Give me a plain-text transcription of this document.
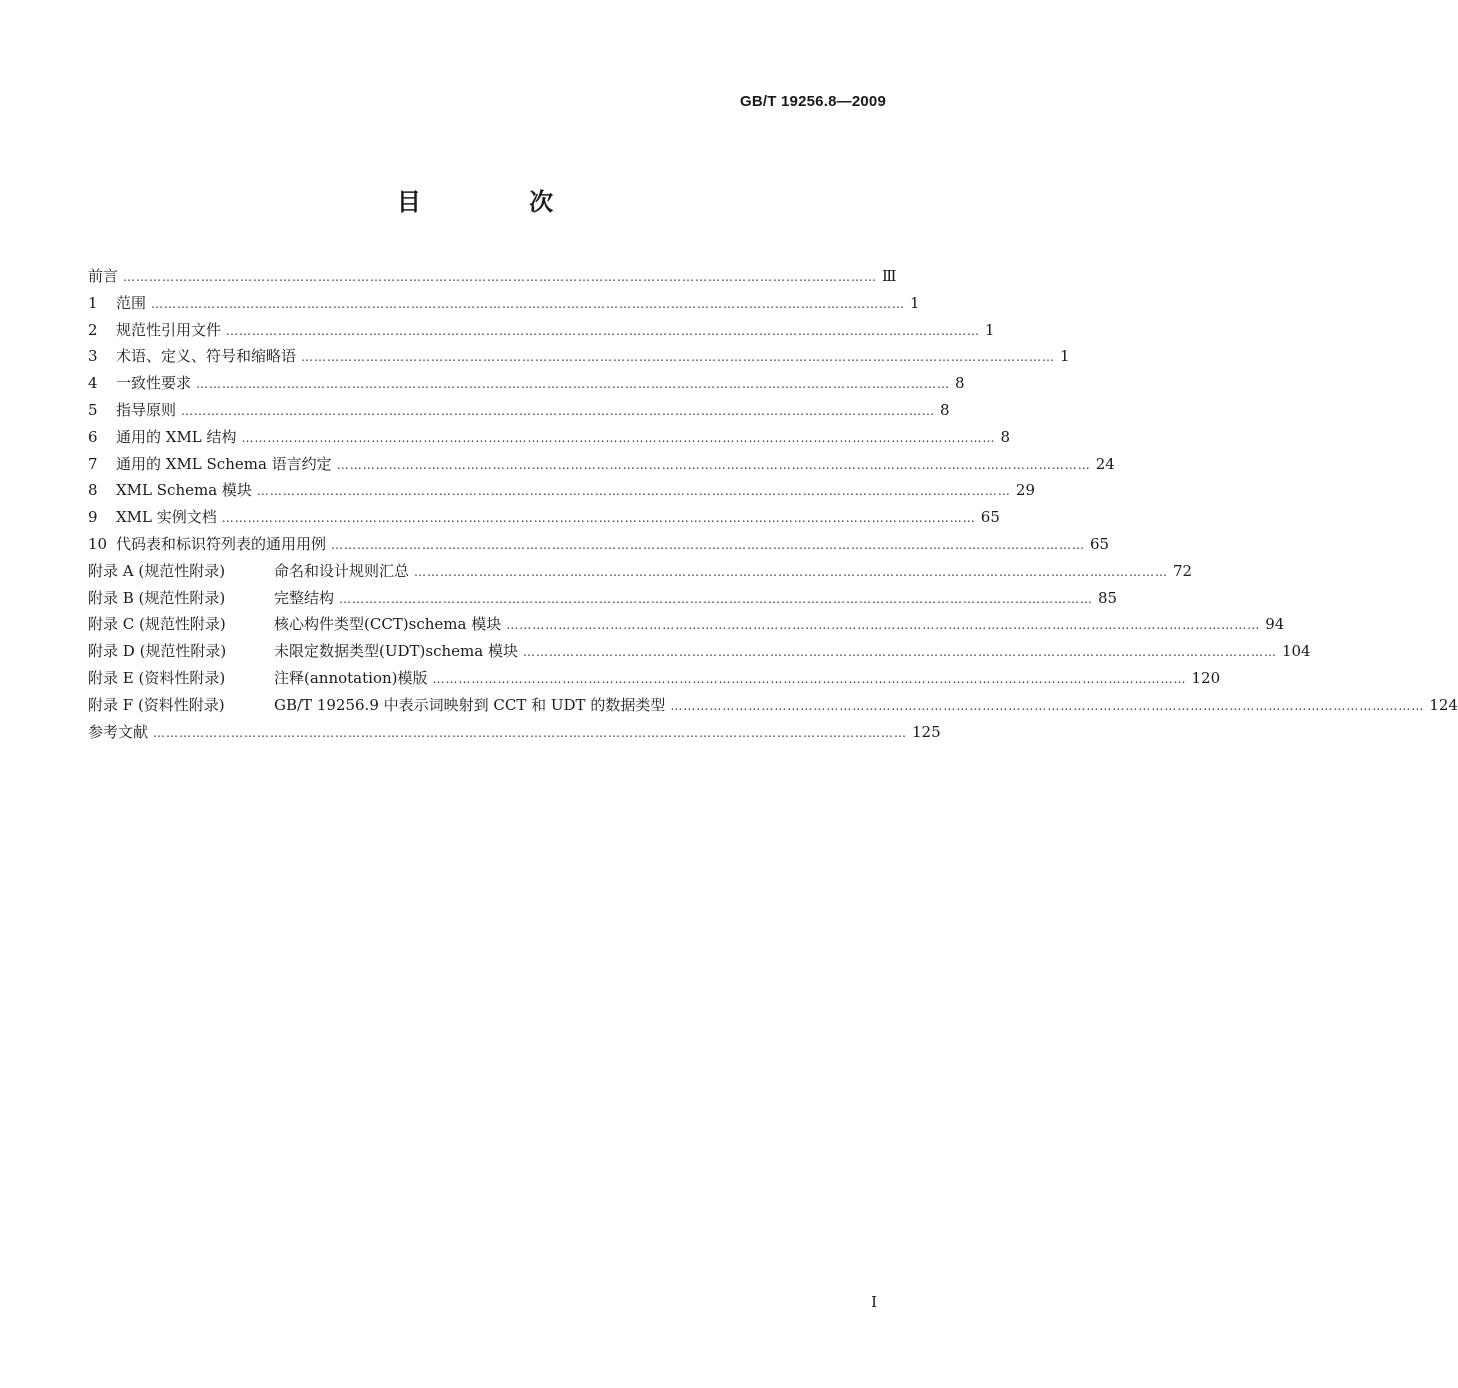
GB/T 19256.8—2009
目 次
前言 ………………………………………………………………………………………………………………………………………………………… Ⅲ
1	范围 ………………………………………………………………………………………………………………………………………………………… 1
2	规范性引用文件 ………………………………………………………………………………………………………………………………………………………… 1
3	术语、定义、符号和缩略语 ………………………………………………………………………………………………………………………………………………………… 1
4	一致性要求 ………………………………………………………………………………………………………………………………………………………… 8
5	指导原则 ………………………………………………………………………………………………………………………………………………………… 8
6	通用的 XML 结构 ………………………………………………………………………………………………………………………………………………………… 8
7	通用的 XML Schema 语言约定 ………………………………………………………………………………………………………………………………………………………… 24
8	XML Schema 模块 ………………………………………………………………………………………………………………………………………………………… 29
9	XML 实例文档 ………………………………………………………………………………………………………………………………………………………… 65
10 代码表和标识符列表的通用用例 ………………………………………………………………………………………………………………………………………………………… 65
附录 A (规范性附录)	命名和设计规则汇总 ………………………………………………………………………………………………………………………………………………………… 72
附录 B (规范性附录)	完整结构 ………………………………………………………………………………………………………………………………………………………… 85
附录 C (规范性附录)	核心构件类型(CCT)schema 模块 ………………………………………………………………………………………………………………………………………………………… 94
附录 D (规范性附录)	未限定数据类型(UDT)schema 模块 ………………………………………………………………………………………………………………………………………………………… 104
附录 E (资料性附录)	注释(annotation)模版 ………………………………………………………………………………………………………………………………………………………… 120
附录 F (资料性附录)	GB/T 19256.9 中表示词映射到 CCT 和 UDT 的数据类型 ………………………………………………………………………………………………………………………………………………………… 124
参考文献 ………………………………………………………………………………………………………………………………………………………… 125
I
